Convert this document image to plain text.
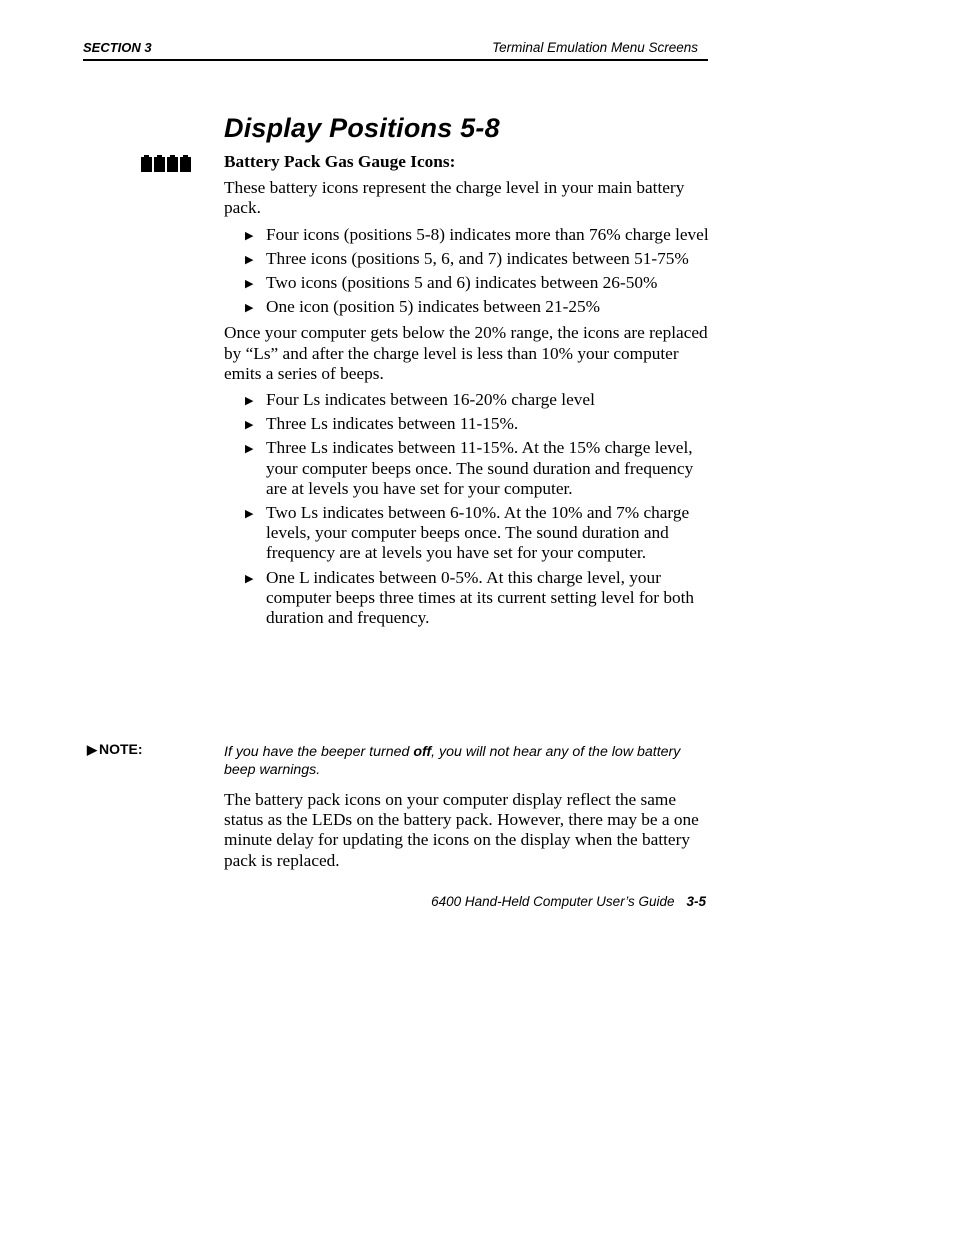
SECTION 3	Terminal Emulation Menu Screens
Display Positions 5-8

Battery Pack Gas Gauge Icons:

These battery icons represent the charge level in your main battery pack.

▶ Four icons (positions 5-8) indicates more than 76% charge level
▶ Three icons (positions 5, 6, and 7) indicates between 51-75%
▶ Two icons (positions 5 and 6) indicates between 26-50%
▶ One icon (position 5) indicates between 21-25%

Once your computer gets below the 20% range, the icons are replaced by “Ls” and after the charge level is less than 10% your computer emits a series of beeps.

▶ Four Ls indicates between 16-20% charge level
▶ Three Ls indicates between 11-15%.
▶ Three Ls indicates between 11-15%. At the 15% charge level, your computer beeps once. The sound duration and frequency are at levels you have set for your computer.
▶ Two Ls indicates between 6-10%. At the 10% and 7% charge levels, your computer beeps once. The sound duration and frequency are at levels you have set for your computer.
▶ One L indicates between 0-5%. At this charge level, your computer beeps three times at its current setting level for both duration and frequency.
▶ NOTE:	If you have the beeper turned off, you will not hear any of the low battery beep warnings.

The battery pack icons on your computer display reflect the same status as the LEDs on the battery pack. However, there may be a one minute delay for updating the icons on the display when the battery pack is replaced.

6400 Hand-Held Computer User’s Guide 3-5
